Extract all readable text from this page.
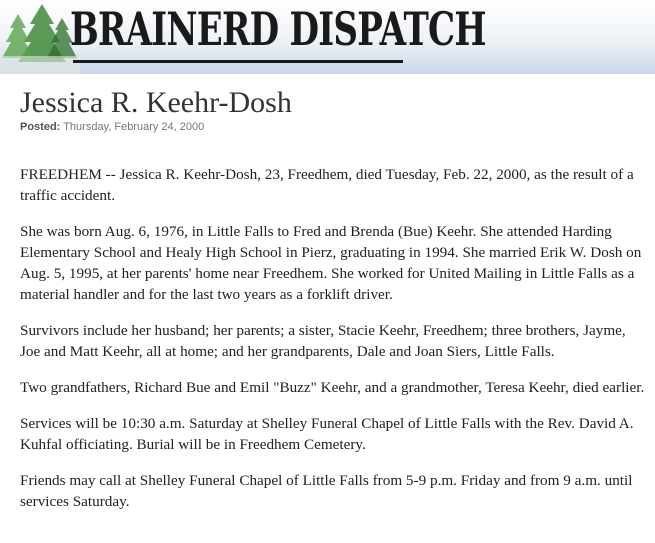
BRAINERD DISPATCH
Jessica R. Keehr-Dosh
Posted: Thursday, February 24, 2000

FREEDHEM -- Jessica R. Keehr-Dosh, 23, Freedhem, died Tuesday, Feb. 22, 2000, as the result of a traffic accident.

She was born Aug. 6, 1976, in Little Falls to Fred and Brenda (Bue) Keehr. She attended Harding Elementary School and Healy High School in Pierz, graduating in 1994. She married Erik W. Dosh on Aug. 5, 1995, at her parents' home near Freedhem. She worked for United Mailing in Little Falls as a material handler and for the last two years as a forklift driver.

Survivors include her husband; her parents; a sister, Stacie Keehr, Freedhem; three brothers, Jayme, Joe and Matt Keehr, all at home; and her grandparents, Dale and Joan Siers, Little Falls.

Two grandfathers, Richard Bue and Emil "Buzz" Keehr, and a grandmother, Teresa Keehr, died earlier.

Services will be 10:30 a.m. Saturday at Shelley Funeral Chapel of Little Falls with the Rev. David A. Kuhfal officiating. Burial will be in Freedhem Cemetery.

Friends may call at Shelley Funeral Chapel of Little Falls from 5-9 p.m. Friday and from 9 a.m. until services Saturday.
